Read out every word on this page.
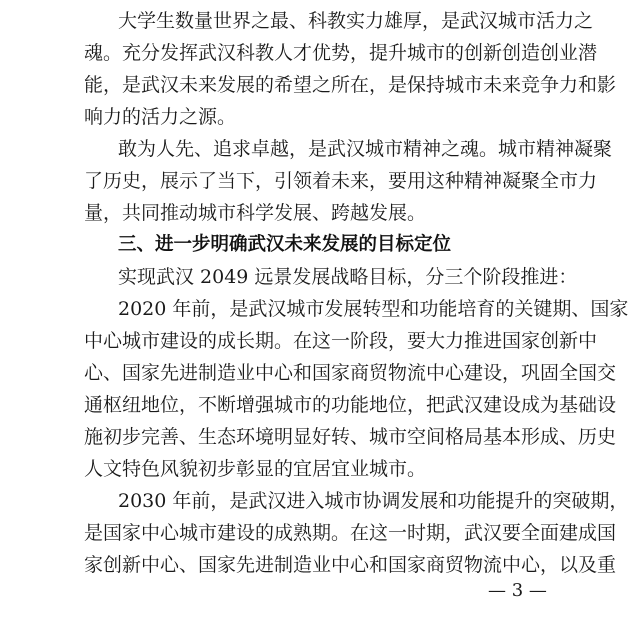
大学生数量世界之最、科教实力雄厚，是武汉城市活力之
魂。充分发挥武汉科教人才优势，提升城市的创新创造创业潜
能，是武汉未来发展的希望之所在，是保持城市未来竞争力和影
响力的活力之源。
敢为人先、追求卓越，是武汉城市精神之魂。城市精神凝聚
了历史，展示了当下，引领着未来，要用这种精神凝聚全市力
量，共同推动城市科学发展、跨越发展。
三、进一步明确武汉未来发展的目标定位
实现武汉 2049 远景发展战略目标，分三个阶段推进：
2020 年前，是武汉城市发展转型和功能培育的关键期、国家
中心城市建设的成长期。在这一阶段，要大力推进国家创新中
心、国家先进制造业中心和国家商贸物流中心建设，巩固全国交
通枢纽地位，不断增强城市的功能地位，把武汉建设成为基础设
施初步完善、生态环境明显好转、城市空间格局基本形成、历史
人文特色风貌初步彰显的宜居宜业城市。
2030 年前，是武汉进入城市协调发展和功能提升的突破期，
是国家中心城市建设的成熟期。在这一时期，武汉要全面建成国
家创新中心、国家先进制造业中心和国家商贸物流中心，以及重
— 3 —
